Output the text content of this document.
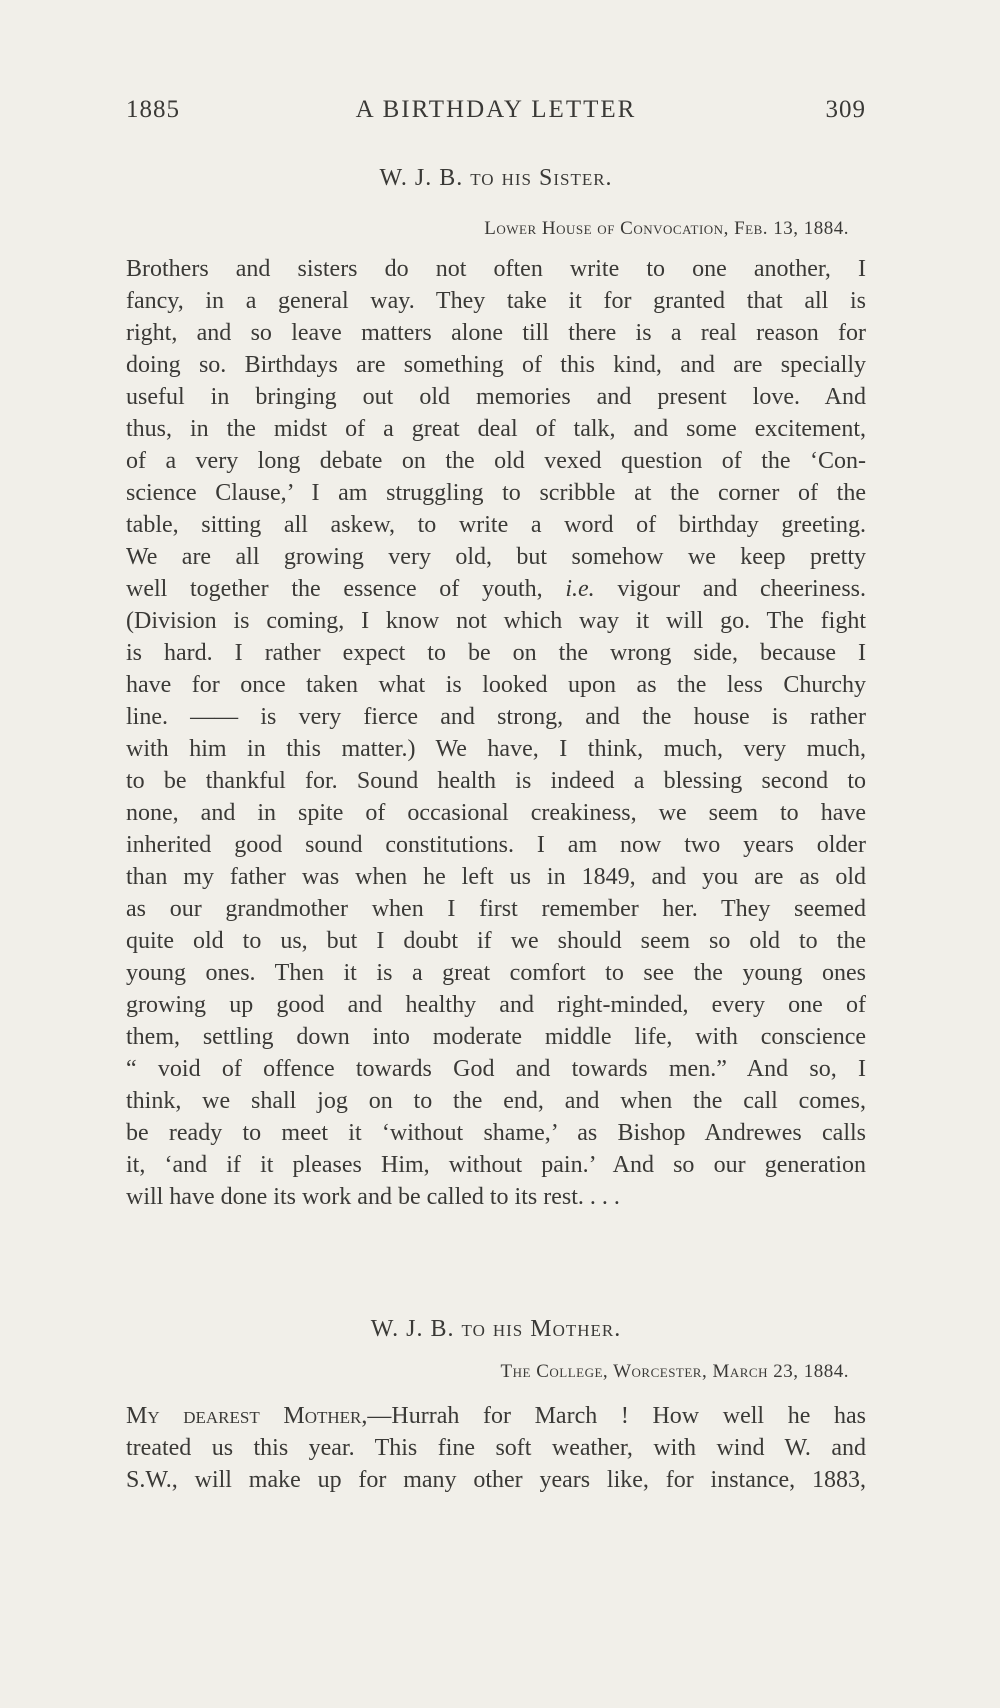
1885	A BIRTHDAY LETTER	309
W. J. B. to his Sister.
Lower House of Convocation, Feb. 13, 1884.
Brothers and sisters do not often write to one another, I
fancy, in a general way. They take it for granted that all is
right, and so leave matters alone till there is a real reason for
doing so. Birthdays are something of this kind, and are specially
useful in bringing out old memories and present love. And
thus, in the midst of a great deal of talk, and some excitement,
of a very long debate on the old vexed question of the ‘Con-
science Clause,’ I am struggling to scribble at the corner of the
table, sitting all askew, to write a word of birthday greeting.
We are all growing very old, but somehow we keep pretty
well together the essence of youth, i.e. vigour and cheeriness.
(Division is coming, I know not which way it will go. The fight
is hard. I rather expect to be on the wrong side, because I
have for once taken what is looked upon as the less Churchy
line. —— is very fierce and strong, and the house is rather
with him in this matter.) We have, I think, much, very much,
to be thankful for. Sound health is indeed a blessing second to
none, and in spite of occasional creakiness, we seem to have
inherited good sound constitutions. I am now two years older
than my father was when he left us in 1849, and you are as old
as our grandmother when I first remember her. They seemed
quite old to us, but I doubt if we should seem so old to the
young ones. Then it is a great comfort to see the young ones
growing up good and healthy and right-minded, every one of
them, settling down into moderate middle life, with conscience
“ void of offence towards God and towards men.” And so, I
think, we shall jog on to the end, and when the call comes,
be ready to meet it ‘without shame,’ as Bishop Andrewes calls
it, ‘and if it pleases Him, without pain.’ And so our generation
will have done its work and be called to its rest. . . .
W. J. B. to his Mother.
The College, Worcester, March 23, 1884.
My dearest Mother,—Hurrah for March ! How well he has
treated us this year. This fine soft weather, with wind W. and
S.W., will make up for many other years like, for instance, 1883,
